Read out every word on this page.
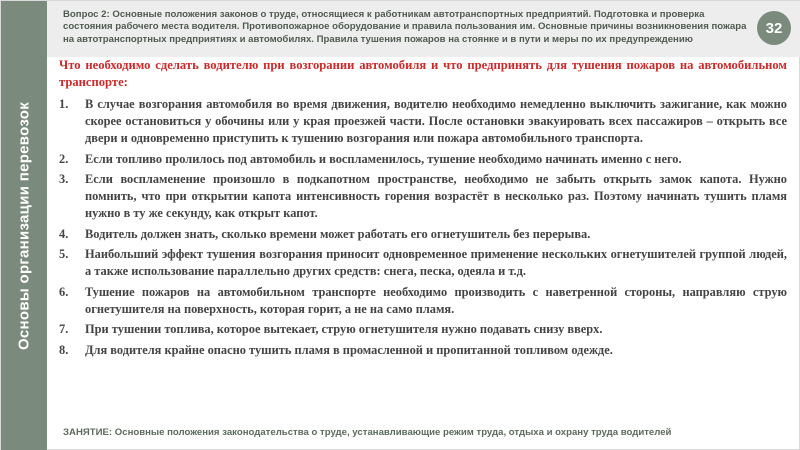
Основы организации перевозок
Вопрос 2: Основные положения законов о труде, относящиеся к работникам автотранспортных предприятий. Подготовка и проверка состояния рабочего места водителя. Противопожарное оборудование и правила пользования им. Основные причины возникновения пожара на автотранспортных предприятиях и автомобилях. Правила тушения пожаров на стоянке и в пути и меры по их предупреждению
32
Что необходимо сделать водителю при возгорании автомобиля и что предпринять для тушения пожаров на автомобильном транспорте:
1.	В случае возгорания автомобиля во время движения, водителю необходимо немедленно выключить зажигание, как можно скорее остановиться у обочины или у края проезжей части. После остановки эвакуировать всех пассажиров – открыть все двери и одновременно приступить к тушению возгорания или пожара автомобильного транспорта.
2.	Если топливо пролилось под автомобиль и воспламенилось, тушение необходимо начинать именно с него.
3.	Если воспламенение произошло в подкапотном пространстве, необходимо не забыть открыть замок капота. Нужно помнить, что при открытии капота интенсивность горения возрастёт в несколько раз. Поэтому начинать тушить пламя нужно в ту же секунду, как открыт капот.
4.	Водитель должен знать, сколько времени может работать его огнетушитель без перерыва.
5.	Наибольший эффект тушения возгорания приносит одновременное применение нескольких огнетушителей группой людей, а также использование параллельно других средств: снега, песка, одеяла и т.д.
6.	Тушение пожаров на автомобильном транспорте необходимо производить с наветренной стороны, направляю струю огнетушителя на поверхность, которая горит, а не на само пламя.
7.	При тушении топлива, которое вытекает, струю огнетушителя нужно подавать снизу вверх.
8.	Для водителя крайне опасно тушить пламя в промасленной и пропитанной топливом одежде.
ЗАНЯТИЕ: Основные положения законодательства о труде, устанавливающие режим труда, отдыха и охрану труда водителей
